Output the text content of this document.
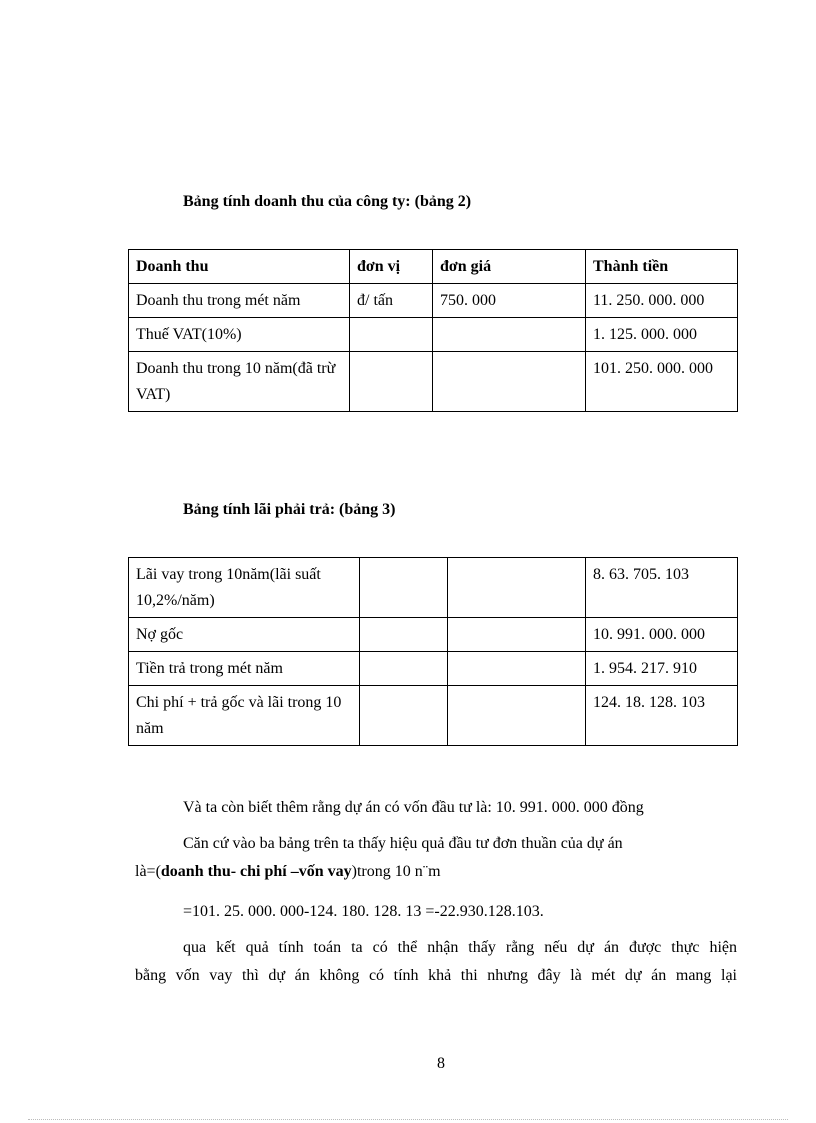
Bảng tính doanh thu của công ty: (bảng 2)
Doanh thu	đơn vị	đơn giá	Thành tiền
Doanh thu trong mét năm	đ/ tấn	750. 000	11. 250. 000. 000
Thuế VAT(10%)			1. 125. 000. 000
Doanh thu trong 10 năm(đã trừ VAT)			101. 250. 000. 000
Bảng tính lãi phải trả: (bảng 3)
Lãi vay trong 10năm(lãi suất 10,2%/năm)			8. 63. 705. 103
Nợ gốc			10. 991. 000. 000
Tiền trả trong mét năm			1. 954. 217. 910
Chi phí + trả gốc và lãi trong 10 năm			124. 18. 128. 103
Và ta còn biết thêm rằng dự án có vốn đầu tư là: 10. 991. 000. 000 đồng
Căn cứ vào ba bảng trên ta thấy hiệu quả đầu tư đơn thuần của dự án
là=(doanh thu- chi phí –vốn vay)trong 10 n¨m
=101. 25. 000. 000-124. 180. 128. 13 =-22.930.128.103.
qua kết quả tính toán ta có thể nhận thấy rằng nếu dự án được thực hiện
bằng vốn vay thì dự án không có tính khả thi nhưng đây là mét dự án mang lại
8
